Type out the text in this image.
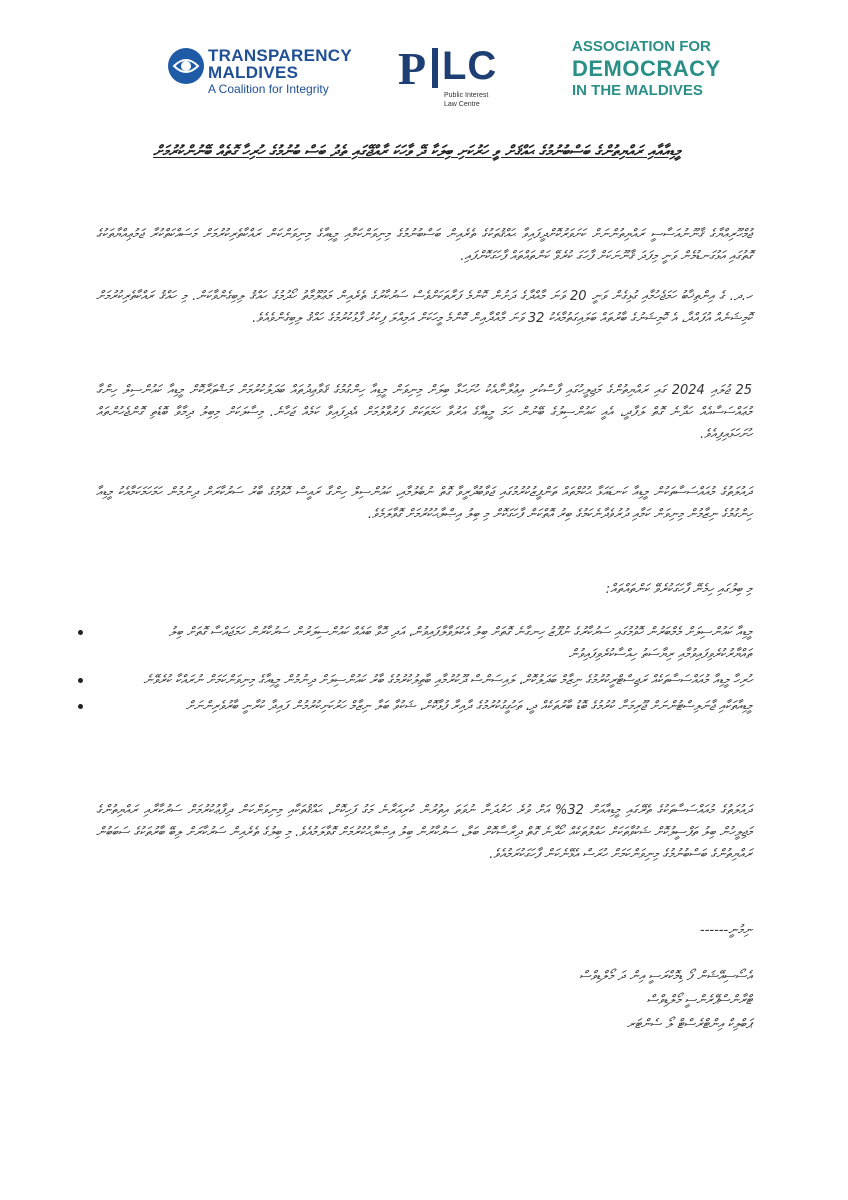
TRANSPARENCY
MALDIVES
A Coalition for Integrity P LC
Public Interest
Law Centre
ASSOCIATION FOR
DEMOCRACY
IN THE MALDIVES
މީޑިއާއާއި ރައްޔިތުންގެ ބަސްބުނުމުގެ ޙައްޤަށް ވީ ހަރުކަށި ބިލަކާ ދޭ ވާހަކަ ރާއްޖޭގައި ތެދު ބަސް ބުނުމުގެ ހުރިހާ ގޮތެއް ބޭނުންކުރުމަށް
ޖުމްހޫރިއްޔާގެ ޤާނޫނުއަސާސީ ރައްޔިތުންނަށް ކަށަވަރުކޮށްދީފައިވާ ޙައްޤުތަކުގެ ތެރެއިން ބަސްބުނުމުގެ މިނިވަންކަމާއި މީޑިއާގެ މިނިވަންކަން ރައްކާތެރިކުރުމަށް މަސައްކަތްކުރާ ޖަމުޢިއްޔާތަކުގެ ގޮތުގައި އަޅުގަނޑުމެން ވަނީ މިފަދަ ޤާނޫނަކަށް ފާހަގަ ކުރެވޭ ކަންތައްތައް ފާހަގަކޮށްފައި.
ހ.ދ. ގެ އިންތިޚާބު ހަމަޖެހުމާއި ގުޅިގެން ވަނީ 20 ވަނަ މާއްދާގެ ދަށުން ކޮންމެ ފަރާތަކަށްވެސް ސަރުކާރުގެ ތެރެއިން މަޢުލޫމާތު ހޯދުމުގެ ހައްޤު ލިބިގެންވާކަން. މި ހައްޤު ރައްކާތެރިކުރުމަށް ކޮމިޝަނެއް އުފައްދާ، އެ ކޮމިޝަނުގެ ބާރުތައް ބަލައިގަތުމާއެކު 32 ވަނަ މާއްދާއިން ކޮންމެ މީހަކަށް އަމިއްލަ ފިކުރު ފާޅުކުރުމުގެ ހައްޤު ލިބިގެންވެއެވެ.
25 ޖުލައި 2024 ގައި ރައްޔިތުންގެ މަޖިލީހުގައި ފާސްކުރި އިޢުލާނާއެކު ހުށަހަޅާ ބިލަށް މިނިވަން މީޑިއާ ހިންގުމުގެ ޤަވާޢިދުތައް ބަދަލުކުރުމަށް މަޝްވަރާކޮށް މީޑިއާ ކައުންސިލް ހިންގާ މުޢައްސަސާއެއް ހަދާނެ ގޮތް ލަފާދީ، އެއީ ކައުންސިލުގެ ބޭނުން ހަމަ މީޑިއާގެ އަރުވާ ހަމަތަކަށް ފަރުވާލުމަށް އެދިފައިވާ ކަމެއް ޖަހާނެ. މިސާލަކަށް މިބިލު ދިމާވާ ބޮޑެތި ގޮންޖެހުންތައް ހުށަހަޅައިފިއެވެ.
ދައުލަތުގެ މުއައްސަސާތަކުން މީޑިއާ ކަނޑައަޅާ ޙުކުމްތައް ތަންފީޒުކުރުމުގައި ޖަވާބުދާރީވާ ގޮތް ނުބެލުމާއި، ކައުންސިލް ހިންގާ ރައީސް ހޮވުމުގެ ބާރު ސަރުކާރަށް ދިނުމުން ހަމަހަމަކަމާއެކު މީޑިއާ ހިންގުމުގެ ނިޒާމުން މިނިވަން ކަމާއި ދުރުވެދާނެކަމުގެ ބިރު އޮތްކަން ފާހަގަކޮށް މި ބިލު އިޞްލާޙުކުރުމަށް ގޮވާލަމެވެ.
މި ބިލުގައި ހިމެނޭ ފާހަގަކުރެވޭ ކަންތައްތައް:
މީޑިއާ ކައުންސިލަށް މެމްބަރުން ހޮވުމުގައި ސަރުކާރުގެ ނުފޫޒު ހިނގާނެ ގޮތަށް ބިލު އެކުލަވާލާފައިވުން، އަދި ހޮވާ ބައެއް ކައުންސިލަރުން ސަރުކާރުން ހަމަޖައްސާ ގޮތަށް ބިލު ތައްޔާރުކުރެވިފައިވުމާއި ރިޔާސަތު ހިއްސާކުރެވިފައިވުން
ހުރިހާ މީޑިއާ މުއައްސަސާތަކެއް ރަޖިސްޓްރީކުރުމުގެ ނިޒާމް ބަދަލުކޮށް، ލައިސަންސް ދޫކުރުމާއި ބާތިލުކުރުމުގެ ބާރު ކައުންސިލަށް ދިނުމުން މީޑިއާގެ މިނިވަންކަމަށް ނުރައްކާ ކުރެވޭނެ
މީޑިއާތަކާއި ޖާނަލިސްޓުންނަށް ޖޫރިމަނާ ކުރުމުގެ ބޮޑު ބާރުތަކެއް ދީ، ތަހުގީގުކުރުމުގެ ދާއިރާ ފުޅާކޮށް، ޝަކުވާ ބަލާ ނިޒާމް ހަރުކަށިކުރުމުން ފައިދާ ކުރާނީ ބާރުވެރިންނަށް
ދައުލަތުގެ މުއައްސަސާތަކުގެ ތެރޭގައި މީޑިއާއަށް 32% އަށް ވުރެ ހަރުދަނާ ނުވަތަ އިތުރުން ކުރިއަރާނެ މަގު ފަހިކޮށް، ޙައްޤުތަކާއި މިނިވަންކަން ދިފާޢުކުރުމަށް ސަރުކާރާއި ރައްޔިތުންގެ މަޖިލީހުން ބިލު ތަފްސީލުކޮށް ޝަކުވާތަކަށް ހައްލުތަކެއް ހޯދާނެ ގޮތް ދިރާސާކޮށް ބަލާ، ސަރުކާރުން ބިލު އިޞްލާޙުކުރުމަށް ގޮވާލަމުއެވެ. މި ބިލުގެ ތެރެއިން ސަރުކާރަށް ލިބޭ ބާރުތަކުގެ ސަބަބުން ރައްޔިތުންގެ ބަސްބުނުމުގެ މިނިވަންކަމަށް ހުރަސް އެޅޭނެކަން ފާހަގަކުރަމުއެވެ.
------ނިމުނީ
އެސޯސިއޭޝަން ފޯ ޑިމޮކްރަސީ އިން ދަ މޯލްޑިވްސް
ޓްރާންސްޕޭރެންސީ މޯލްޑިވްސް
ޕަބްލިކް އިންޓްރެސްޓް ލޯ ސެންޓަރ
